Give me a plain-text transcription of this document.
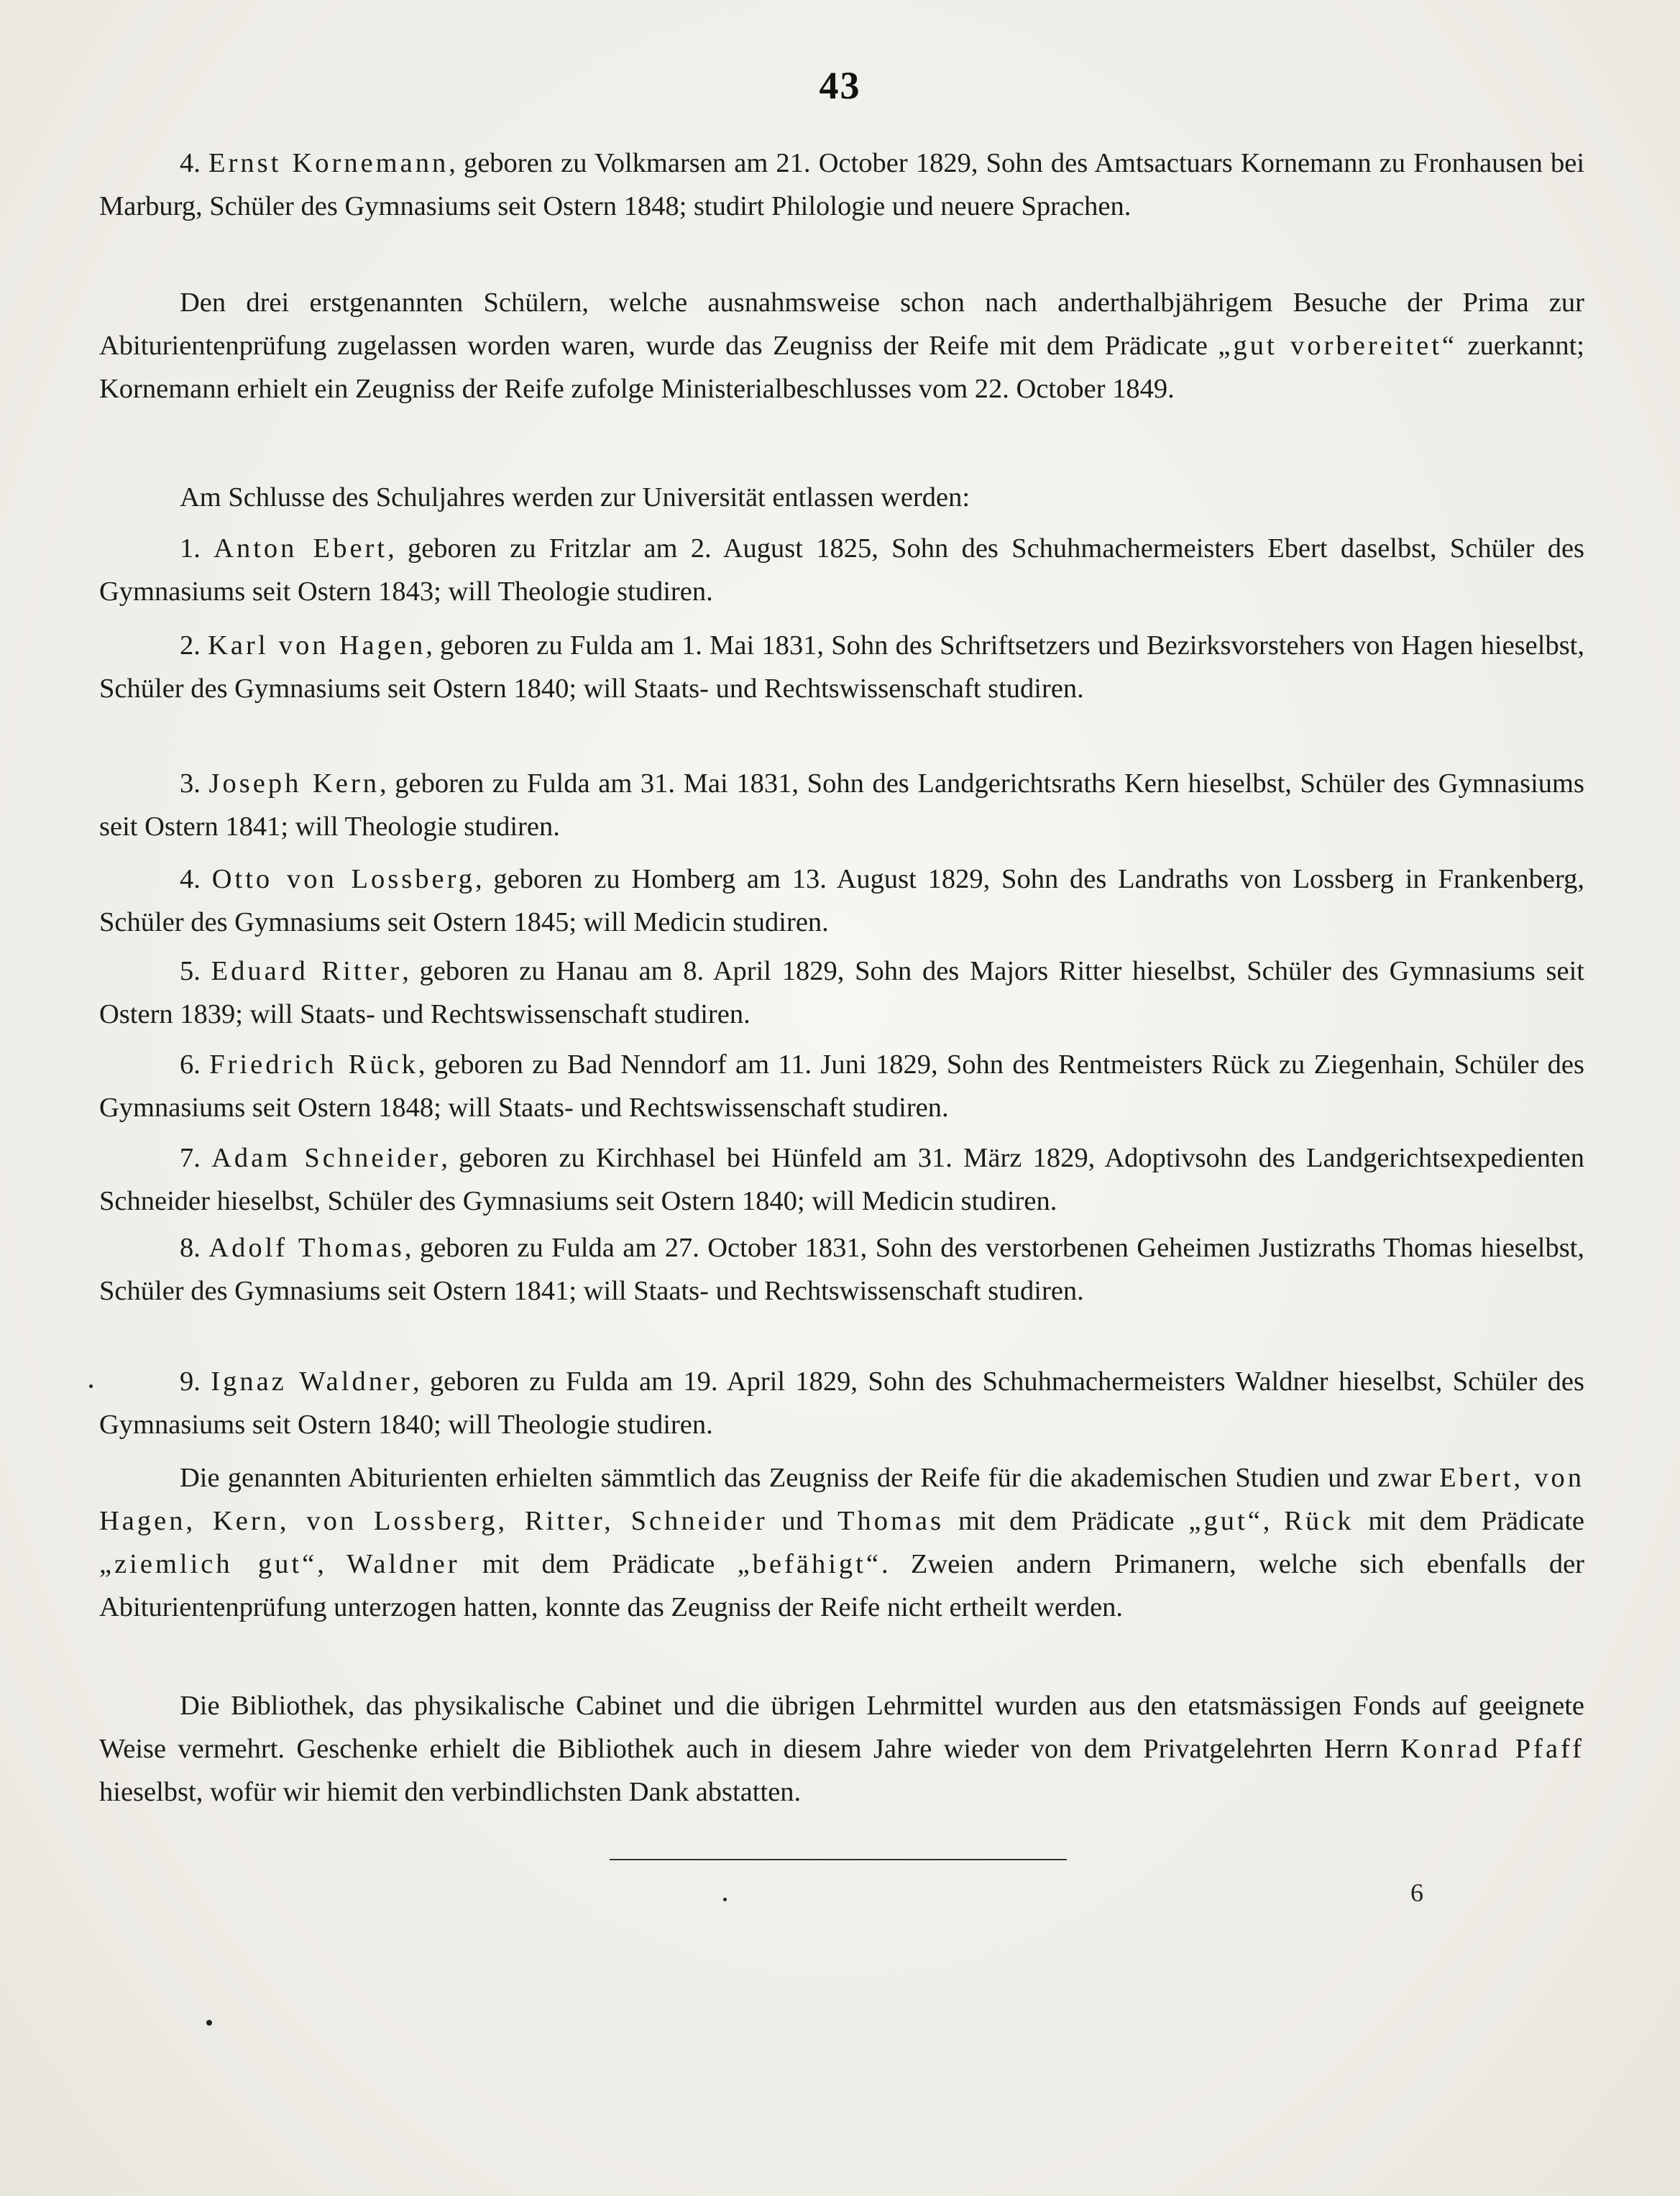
43

4. Ernst Kornemann, geboren zu Volkmarsen am 21. October 1829, Sohn des Amtsactuars Kornemann zu Fronhausen bei Marburg, Schüler des Gymnasiums seit Ostern 1848; studirt Philologie und neuere Sprachen.

Den drei erstgenannten Schülern, welche ausnahmsweise schon nach anderthalbjährigem Besuche der Prima zur Abiturientenprüfung zugelassen worden waren, wurde das Zeugniss der Reife mit dem Prädicate „gut vorbereitet“ zuerkannt; Kornemann erhielt ein Zeugniss der Reife zufolge Ministerialbeschlusses vom 22. October 1849.

Am Schlusse des Schuljahres werden zur Universität entlassen werden:

1. Anton Ebert, geboren zu Fritzlar am 2. August 1825, Sohn des Schuhmachermeisters Ebert daselbst, Schüler des Gymnasiums seit Ostern 1843; will Theologie studiren.

2. Karl von Hagen, geboren zu Fulda am 1. Mai 1831, Sohn des Schriftsetzers und Bezirksvorstehers von Hagen hieselbst, Schüler des Gymnasiums seit Ostern 1840; will Staats- und Rechtswissenschaft studiren.

3. Joseph Kern, geboren zu Fulda am 31. Mai 1831, Sohn des Landgerichtsraths Kern hieselbst, Schüler des Gymnasiums seit Ostern 1841; will Theologie studiren.

4. Otto von Lossberg, geboren zu Homberg am 13. August 1829, Sohn des Landraths von Lossberg in Frankenberg, Schüler des Gymnasiums seit Ostern 1845; will Medicin studiren.

5. Eduard Ritter, geboren zu Hanau am 8. April 1829, Sohn des Majors Ritter hieselbst, Schüler des Gymnasiums seit Ostern 1839; will Staats- und Rechtswissenschaft studiren.

6. Friedrich Rück, geboren zu Bad Nenndorf am 11. Juni 1829, Sohn des Rentmeisters Rück zu Ziegenhain, Schüler des Gymnasiums seit Ostern 1848; will Staats- und Rechtswissenschaft studiren.

7. Adam Schneider, geboren zu Kirchhasel bei Hünfeld am 31. März 1829, Adoptivsohn des Landgerichtsexpedienten Schneider hieselbst, Schüler des Gymnasiums seit Ostern 1840; will Medicin studiren.

8. Adolf Thomas, geboren zu Fulda am 27. October 1831, Sohn des verstorbenen Geheimen Justizraths Thomas hieselbst, Schüler des Gymnasiums seit Ostern 1841; will Staats- und Rechtswissenschaft studiren.

9. Ignaz Waldner, geboren zu Fulda am 19. April 1829, Sohn des Schuhmachermeisters Waldner hieselbst, Schüler des Gymnasiums seit Ostern 1840; will Theologie studiren.

Die genannten Abiturienten erhielten sämmtlich das Zeugniss der Reife für die akademischen Studien und zwar Ebert, von Hagen, Kern, von Lossberg, Ritter, Schneider und Thomas mit dem Prädicate „gut“, Rück mit dem Prädicate „ziemlich gut“, Waldner mit dem Prädicate „befähigt“. Zweien andern Primanern, welche sich ebenfalls der Abiturientenprüfung unterzogen hatten, konnte das Zeugniss der Reife nicht ertheilt werden.

Die Bibliothek, das physikalische Cabinet und die übrigen Lehrmittel wurden aus den etatsmässigen Fonds auf geeignete Weise vermehrt. Geschenke erhielt die Bibliothek auch in diesem Jahre wieder von dem Privatgelehrten Herrn Konrad Pfaff hieselbst, wofür wir hiemit den verbindlichsten Dank abstatten.

6
